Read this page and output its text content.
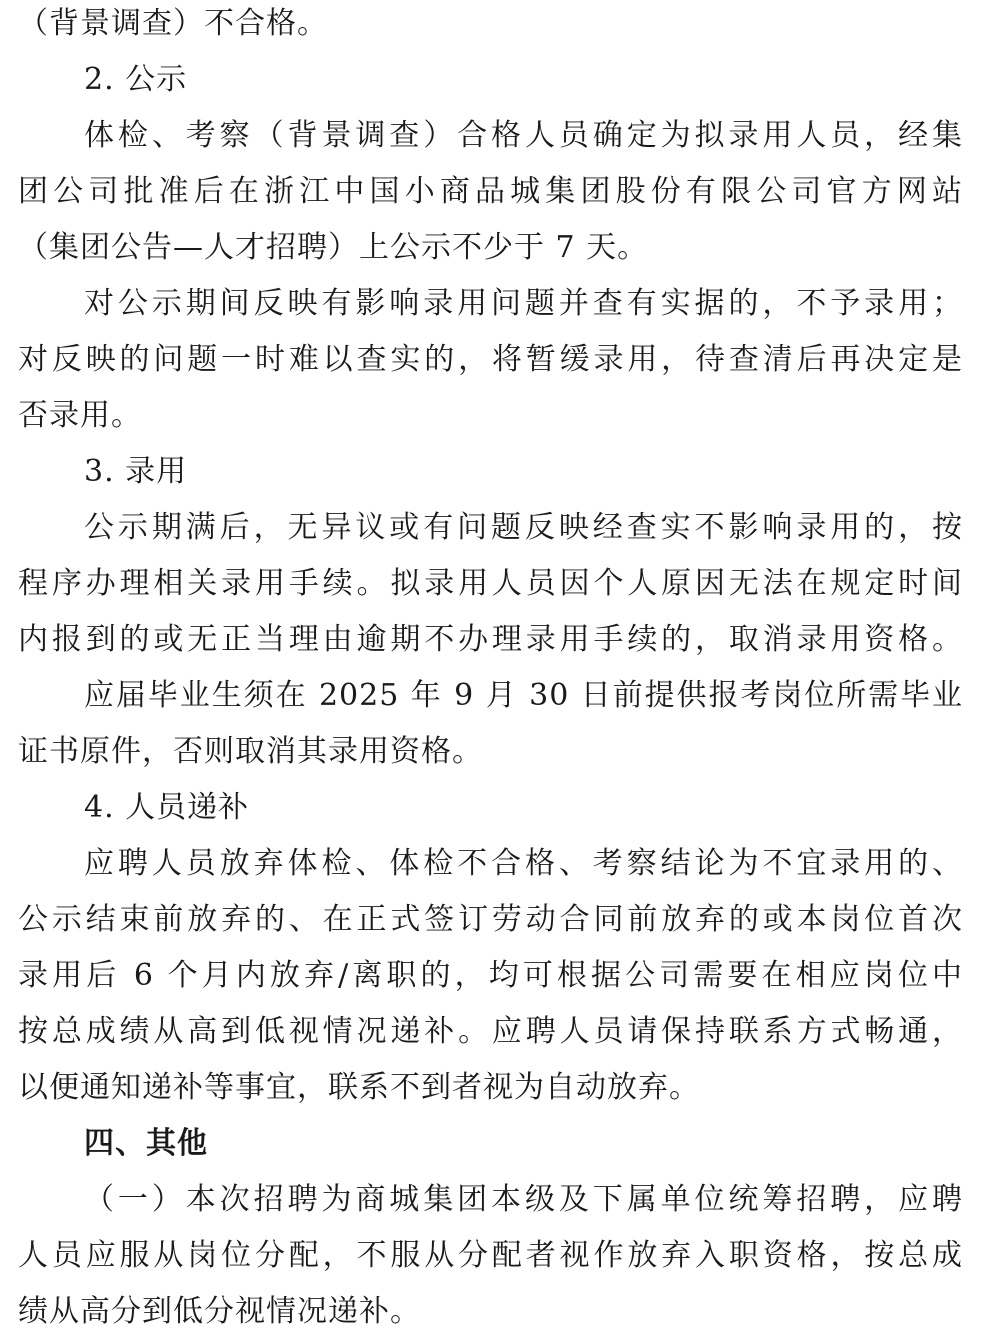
（背景调查）不合格。
2. 公示
体检、考察（背景调查）合格人员确定为拟录用人员，经集
团公司批准后在浙江中国小商品城集团股份有限公司官方网站
（集团公告—人才招聘）上公示不少于 7 天。
对公示期间反映有影响录用问题并查有实据的，不予录用；
对反映的问题一时难以查实的，将暂缓录用，待查清后再决定是
否录用。
3. 录用
公示期满后，无异议或有问题反映经查实不影响录用的，按
程序办理相关录用手续。拟录用人员因个人原因无法在规定时间
内报到的或无正当理由逾期不办理录用手续的，取消录用资格。
应届毕业生须在 2025 年 9 月 30 日前提供报考岗位所需毕业
证书原件，否则取消其录用资格。
4. 人员递补
应聘人员放弃体检、体检不合格、考察结论为不宜录用的、
公示结束前放弃的、在正式签订劳动合同前放弃的或本岗位首次
录用后 6 个月内放弃/离职的，均可根据公司需要在相应岗位中
按总成绩从高到低视情况递补。应聘人员请保持联系方式畅通，
以便通知递补等事宜，联系不到者视为自动放弃。
四、其他
（一）本次招聘为商城集团本级及下属单位统筹招聘，应聘
人员应服从岗位分配，不服从分配者视作放弃入职资格，按总成
绩从高分到低分视情况递补。
